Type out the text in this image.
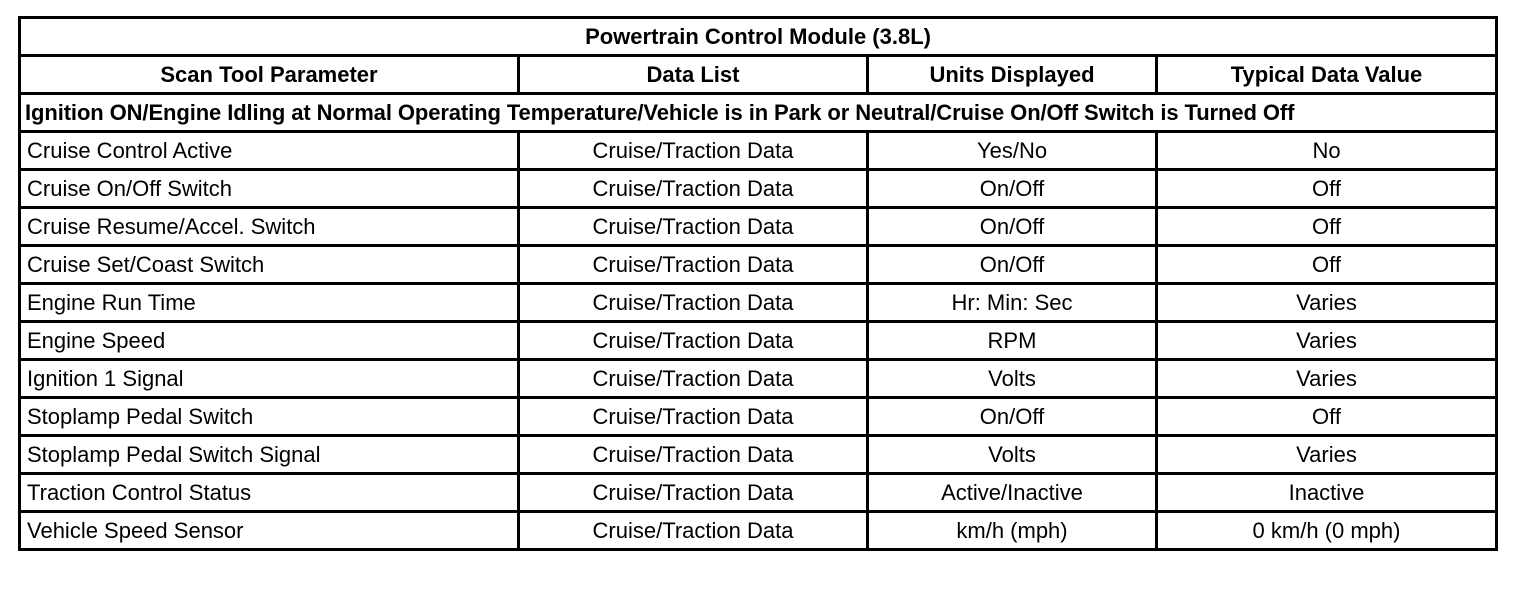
Powertrain Control Module (3.8L)			
Scan Tool Parameter	Data List	Units Displayed	Typical Data Value
Ignition ON/Engine Idling at Normal Operating Temperature/Vehicle is in Park or Neutral/Cruise On/Off Switch is Turned Off			
Cruise Control Active	Cruise/Traction Data	Yes/No	No
Cruise On/Off Switch	Cruise/Traction Data	On/Off	Off
Cruise Resume/Accel. Switch	Cruise/Traction Data	On/Off	Off
Cruise Set/Coast Switch	Cruise/Traction Data	On/Off	Off
Engine Run Time	Cruise/Traction Data	Hr: Min: Sec	Varies
Engine Speed	Cruise/Traction Data	RPM	Varies
Ignition 1 Signal	Cruise/Traction Data	Volts	Varies
Stoplamp Pedal Switch	Cruise/Traction Data	On/Off	Off
Stoplamp Pedal Switch Signal	Cruise/Traction Data	Volts	Varies
Traction Control Status	Cruise/Traction Data	Active/Inactive	Inactive
Vehicle Speed Sensor	Cruise/Traction Data	km/h (mph)	0 km/h (0 mph)
